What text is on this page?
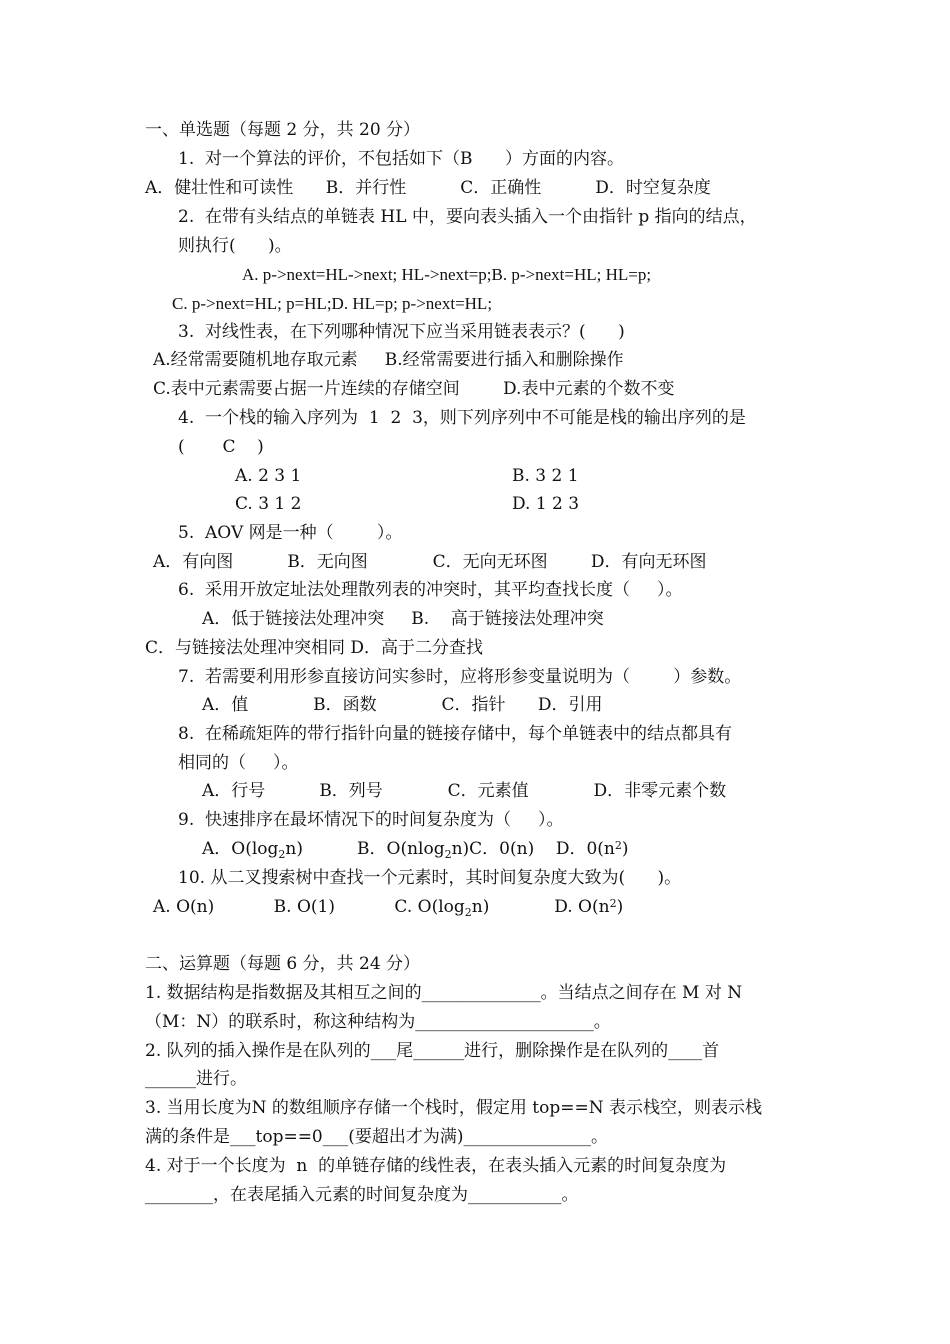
一、单选题（每题 2 分，共 20 分）
1.  对一个算法的评价，不包括如下（B      ）方面的内容。
A．健壮性和可读性      B．并行性          C．正确性          D．时空复杂度
2.  在带有头结点的单链表 HL 中，要向表头插入一个由指针 p 指向的结点，
则执行(      )。
A. p->next=HL->next; HL->next=p;B. p->next=HL; HL=p;
C. p->next=HL; p=HL;D. HL=p; p->next=HL;
3.  对线性表，在下列哪种情况下应当采用链表表示？(      )
A.经常需要随机地存取元素     B.经常需要进行插入和删除操作
C.表中元素需要占据一片连续的存储空间        D.表中元素的个数不变
4.  一个栈的输入序列为  1  2  3，则下列序列中不可能是栈的输出序列的是
(       C    )
A. 2 3 1	B. 3 2 1
C. 3 1 2	D. 1 2 3
5.  AOV 网是一种（        ）。
A．有向图          B．无向图            C．无向无环图        D．有向无环图
6.  采用开放定址法处理散列表的冲突时，其平均查找长度（     ）。
A．低于链接法处理冲突     B.    高于链接法处理冲突
C．与链接法处理冲突相同 D．高于二分查找
7.  若需要利用形参直接访问实参时，应将形参变量说明为（        ）参数。
A．值            B．函数            C．指针      D．引用
8.  在稀疏矩阵的带行指针向量的链接存储中，每个单链表中的结点都具有
相同的（     ）。
A．行号          B．列号            C．元素值            D．非零元素个数
9.  快速排序在最坏情况下的时间复杂度为（     ）。
A．$O(\log_2n)$          B．O(nlog$_2$n)C．0(n)    D．$0(n^2)$
10. 从二叉搜索树中查找一个元素时，其时间复杂度大致为(      )。
A. O(n)           B. O(1)           C. $O(\log_2n)$            D. $O(n^2)$
二、运算题（每题 6 分，共 24 分）
1. 数据结构是指数据及其相互之间的______________。当结点之间存在 M 对 N
（M：N）的联系时，称这种结构为_____________________。
2. 队列的插入操作是在队列的___尾______进行，删除操作是在队列的____首
______进行。
3. 当用长度为N 的数组顺序存储一个栈时，假定用 top==N 表示栈空，则表示栈
满的条件是___top==0___(要超出才为满)_______________。
4. 对于一个长度为  n  的单链存储的线性表，在表头插入元素的时间复杂度为
________，在表尾插入元素的时间复杂度为___________。
